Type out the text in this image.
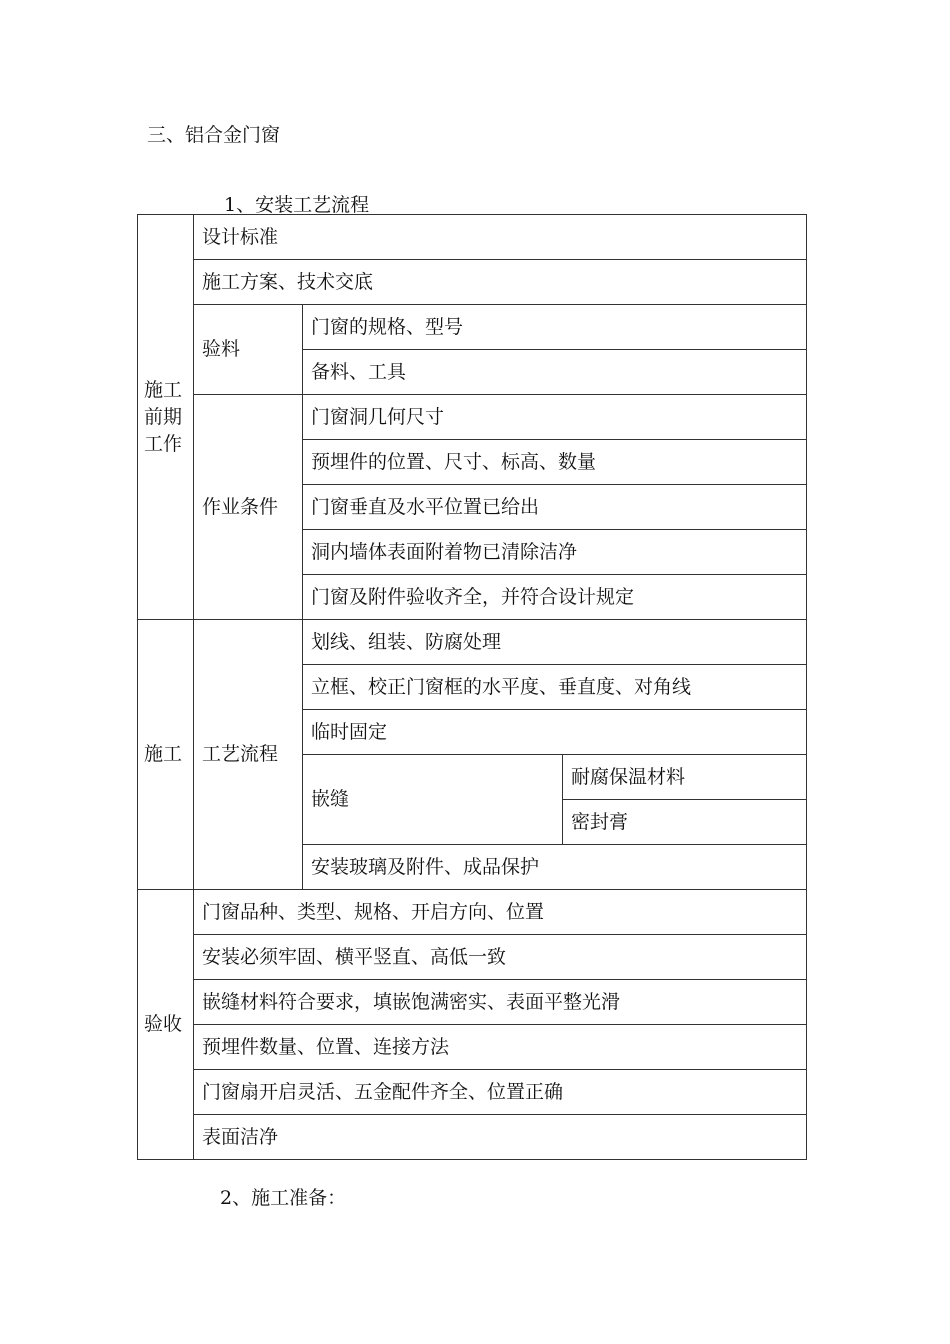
三、铝合金门窗
1、安装工艺流程
施工前期工作	设计标准		
	施工方案、技术交底		
	验料	门窗的规格、型号	
		备料、工具	
	作业条件	门窗洞几何尺寸	
		预埋件的位置、尺寸、标高、数量	
		门窗垂直及水平位置已给出	
		洞内墙体表面附着物已清除洁净	
		门窗及附件验收齐全，并符合设计规定	
施工	工艺流程	划线、组装、防腐处理	
		立框、校正门窗框的水平度、垂直度、对角线	
		临时固定	
		嵌缝	耐腐保温材料
			密封膏
		安装玻璃及附件、成品保护	
验收	门窗品种、类型、规格、开启方向、位置		
	安装必须牢固、横平竖直、高低一致		
	嵌缝材料符合要求，填嵌饱满密实、表面平整光滑		
	预埋件数量、位置、连接方法		
	门窗扇开启灵活、五金配件齐全、位置正确		
	表面洁净		
2、施工准备：
